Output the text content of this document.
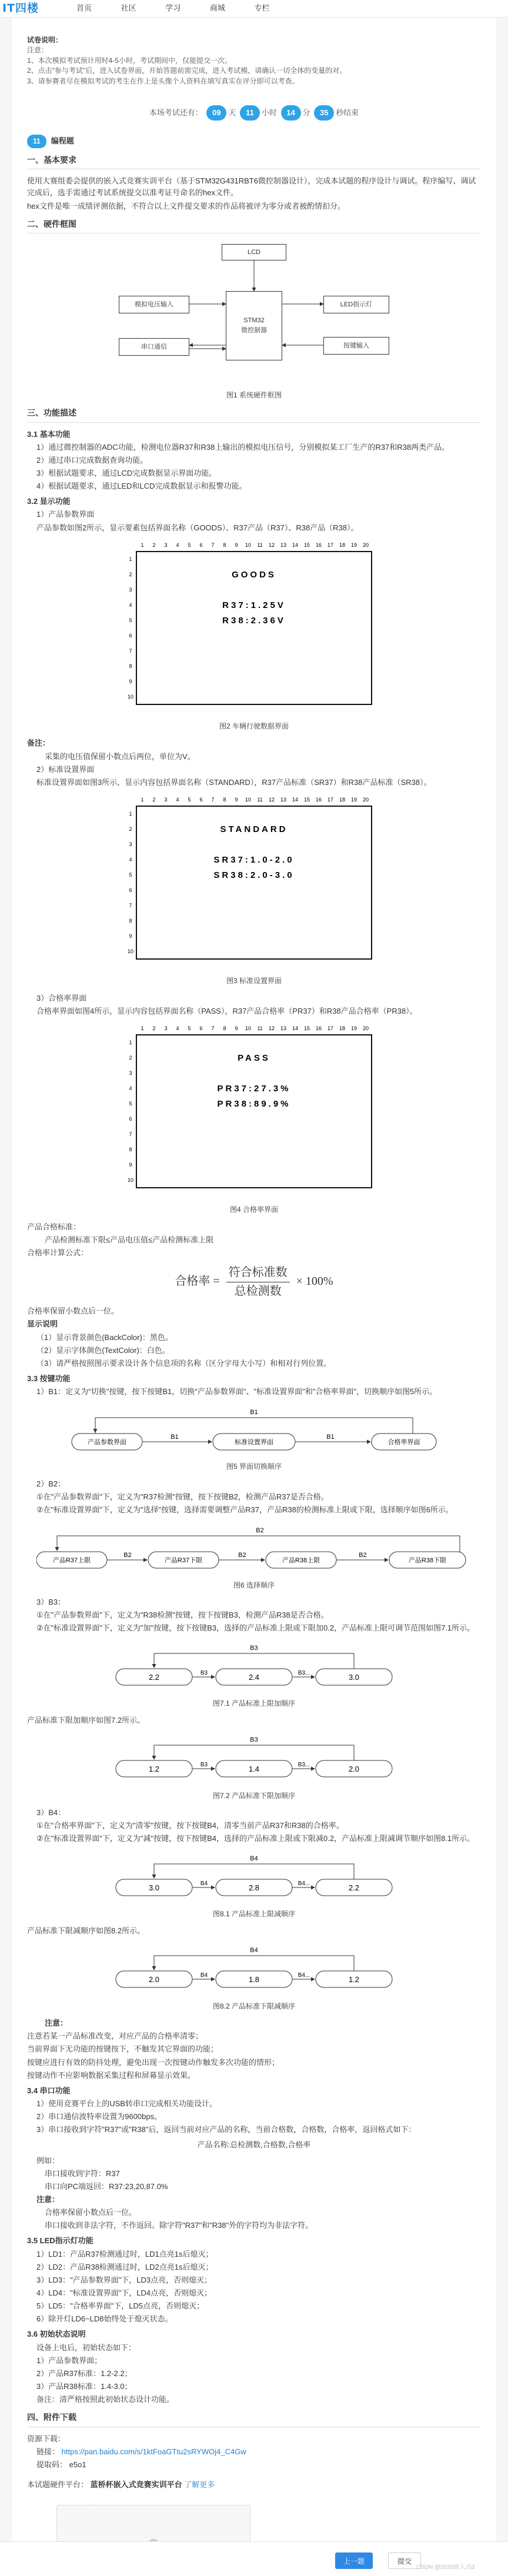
IT四楼	首页	社区	学习	商城	专栏
试卷说明：
注意：
1、本次模拟考试预计用时4-5小时，考试期间中，仅能提交一次。
2、点击"参与考试"后，进入试卷界面，开始答题前需完成，进入考试模，请确认一切全体的变量的对。
3、请参赛者尽在模拟考试的考生在作上是头像个人资料在填写真实在评分即可以考查。
本场考试还有： 09 天 11 小时 14 分 35 秒结束
11	编程题
一、基本要求

使用大赛组委会提供的嵌入式竞赛实训平台（基于STM32G431RBT6微控制器设计），完成本试题的程序设计与调试。程序编写、调试完成后，选手需通过考试系统提交以准考证号命名的hex文件。

hex文件是唯一成绩评测依据，不符合以上文件提交要求的作品将被评为零分或者被酌情扣分。

二、硬件框图
LCD
STM32
微控制器
模拟电压输入
串口通信
LED指示灯
按键输入
图1 系统硬件框图
三、功能描述
3.1 基本功能

1）通过微控制器的ADC功能，检测电位器R37和R38上输出的模拟电压信号，分别模拟某工厂生产的R37和R38两类产品。

2）通过串口完成数据查询功能。

3）根据试题要求，通过LCD完成数据显示界面功能。

4）根据试题要求，通过LED和LCD完成数据显示和报警功能。

3.2 显示功能

1）产品参数界面

产品参数如图2所示，显示要素包括界面名称（GOODS）、R37产品（R37）、R38产品（R38）。

1 2 3 4 5 6 7 8 9 10 11 12 13 14 15 16 17 18 19 20
1
2
3
4
5
6
7
8
9
10
GOODS
R37:1.25V
R38:2.36V
图2 车辆行驶数据界面

备注：

采集的电压值保留小数点后两位，单位为V。

2）标准设置界面

标准设置界面如图3所示，显示内容包括界面名称（STANDARD），R37产品标准（SR37）和R38产品标准（SR38）。

1 2 3 4 5 6 7 8 9 10 11 12 13 14 15 16 17 18 19 20
1
2
3
4
5
6
7
8
9
10
STANDARD
SR37:1.0-2.0
SR38:2.0-3.0
图3 标准设置界面

3）合格率界面

合格率界面如图4所示，显示内容包括界面名称（PASS），R37产品合格率（PR37）和R38产品合格率（PR38）。

1 2 3 4 5 6 7 8 9 10 11 12 13 14 15 16 17 18 19 20
1
2
3
4
5
6
7
8
9
10
PASS
PR37:27.3%
PR38:89.9%
图4 合格率界面

产品合格标准：

产品检测标准下限≤产品电压值≤产品检测标准上限

合格率计算公式：

合格率 = $\frac{\text{符合标准数}}{\text{总检测数}} \times 100\%$

合格率保留小数点后一位。

显示说明

（1）显示背景颜色(BackColor)：黑色。

（2）显示字体颜色(TextColor)：白色。

（3）请严格按照图示要求设计各个信息项的名称（区分字母大小写）和相对行列位置。

3.3 按键功能

1）B1：定义为"切换"按键，按下按键B1，切换"产品参数界面"、"标准设置界面"和"合格率界面"，切换顺序如图5所示。

B1
产品参数界面
B1
标准设置界面
B1
合格率界面
图5 界面切换顺序

2）B2：

①在"产品参数界面"下，定义为"R37检测"按键，按下按键B2，检测产品R37是否合格。

②在"标准设置界面"下，定义为"选择"按键，选择需要调整产品R37，产品R38的检测标准上限或下限，选择顺序如图6所示。

B2
产品R37上限
B2
产品R37下限
B2
产品R38上限
B2
产品R38下限
图6 选择顺序

3）B3：

①在"产品参数界面"下，定义为"R38检测"按键，按下按键B3，检测产品R38是否合格。

②在"标准设置界面"下，定义为"加"按键，按下按键B3，选择的产品标准上限或下限加0.2，产品标准上限可调节范围如图7.1所示。

B3
2.2	B3	2.4	B3...	3.0
图7.1 产品标准上限加顺序

产品标准下限加顺序如图7.2所示。

B3
1.2	B3	1.4	B3...	2.0
图7.2 产品标准下限加顺序

3）B4：

①在"合格率界面"下，定义为"清零"按键，按下按键B4，清零当前产品R37和R38的合格率。

②在"标准设置界面"下，定义为"减"按键，按下按键B4，选择的产品标准上限或下限减0.2，产品标准上限减调节顺序如图8.1所示。

B4
3.0	B4	2.8	B4...	2.2
图8.1 产品标准上限减顺序

产品标准下限减顺序如图8.2所示。

B4
2.0	B4	1.8	B4...	1.2
图8.2 产品标准下限减顺序

注意：

注意若某一产品标准改变，对应产品的合格率清零；

当前界面下无功能的按键按下，不触发其它界面的功能；

按键应进行有效的防抖处理，避免出现一次按键动作触发多次功能的情形；

按键动作不应影响数据采集过程和屏幕显示效果。

3.4 串口功能

1）使用竞赛平台上的USB转串口完成相关功能设计。

2）串口通信波特率设置为9600bps。

3）串口接收到字符"R37"或"R38"后，返回当前对应产品的名称，当前合格数，合格数，合格率，返回格式如下：

产品名称:总检测数,合格数,合格率

例如：

串口接收到字符：R37

串口向PC端返回：R37:23,20,87.0%

注意：

合格率保留小数点后一位。

串口接收到非法字符，不作返回。除字符"R37"和"R38"外的字符均为非法字符。

3.5 LED指示灯功能

1）LD1：产品R37检测通过时，LD1点亮1s后熄灭；

2）LD2：产品R38检测通过时，LD2点亮1s后熄灭；

3）LD3："产品参数界面"下，LD3点亮，否则熄灭；

4）LD4："标准设置界面"下，LD4点亮，否则熄灭；

5）LD5："合格率界面"下，LD5点亮，否则熄灭；

6）除开灯LD6~LD8始终处于熄灭状态。

3.6 初始状态说明

设备上电后，初始状态如下：

1）产品参数界面；

2）产品R37标准：1.2-2.2；

3）产品R38标准：1.4-3.0；

备注：清严格按照此初始状态设计功能。

四、附件下载

资源下载：

链接： https://pan.baidu.com/s/1ktFoaGTtu2sRYWOj4_C4Gw

提取码： e5o1

本试题硬件平台： 蓝桥杯嵌入式竞赛实训平台 了解更多

上一题	提交
CSDN @2020嵌入式d
